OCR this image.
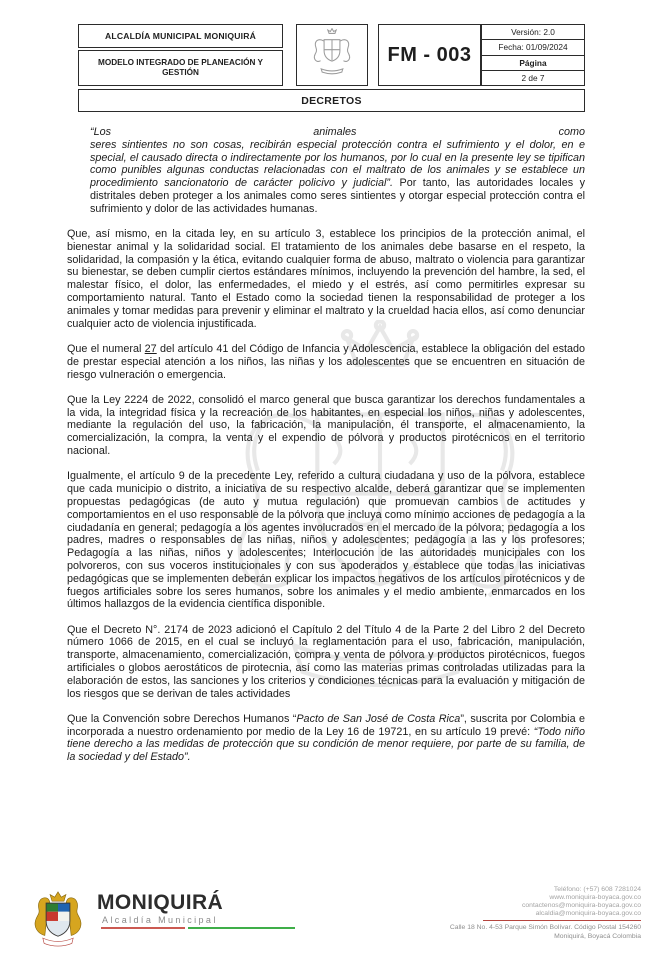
ALCALDÍA MUNICIPAL MONIQUIRÁ
MODELO INTEGRADO DE PLANEACIÓN Y GESTIÓN
FM - 003
Versión: 2.0
Fecha: 01/09/2024
Página
2 de 7
DECRETOS
“Los	animales	como
seres sintientes no son cosas, recibirán especial protección contra el sufrimiento y el dolor, en e special, el causado directa o indirectamente por los humanos, por lo cual en la presente ley se tipifican como punibles algunas conductas relacionadas con el maltrato de los animales y se establece un procedimiento sancionatorio de carácter policivo y judicial”. Por tanto, las autoridades locales y distritales deben proteger a los animales como seres sintientes y otorgar especial protección contra el sufrimiento y dolor de las actividades humanas.
Que, así mismo, en la citada ley, en su artículo 3, establece los principios de la protección animal, el bienestar animal y la solidaridad social. El tratamiento de los animales debe basarse en el respeto, la solidaridad, la compasión y la ética, evitando cualquier forma de abuso, maltrato o violencia para garantizar su bienestar, se deben cumplir ciertos estándares mínimos, incluyendo la prevención del hambre, la sed, el malestar físico, el dolor, las enfermedades, el miedo y el estrés, así como permitirles expresar su comportamiento natural. Tanto el Estado como la sociedad tienen la responsabilidad de proteger a los animales y tomar medidas para prevenir y eliminar el maltrato y la crueldad hacia ellos, así como denunciar cualquier acto de violencia injustificada.
Que el numeral 27 del artículo 41 del Código de Infancia y Adolescencia, establece la obligación del estado de prestar especial atención a los niños, las niñas y los adolescentes que se encuentren en situación de riesgo vulneración o emergencia.
Que la Ley 2224 de 2022, consolidó el marco general que busca garantizar los derechos fundamentales a la vida, la integridad física y la recreación de los habitantes, en especial los niños, niñas y adolescentes, mediante la regulación del uso, la fabricación, la manipulación, él transporte, el almacenamiento, la comercialización, la compra, la venta y el expendio de pólvora y productos pirotécnicos en el territorio nacional.
Igualmente, el artículo 9 de la precedente Ley, referido a cultura ciudadana y uso de la pólvora, establece que cada municipio o distrito, a iniciativa de su respectivo alcalde, deberá garantizar que se implementen propuestas pedagógicas (de auto y mutua regulación) que promuevan cambios de actitudes y comportamientos en el uso responsable de la pólvora que incluya como mínimo acciones de pedagogía a la ciudadanía en general; pedagogía a los agentes involucrados en el mercado de la pólvora; pedagogía a los padres, madres o responsables de las niñas, niños y adolescentes; pedagogía a las y los profesores; Pedagogía a las niñas, niños y adolescentes; Interlocución de las autoridades municipales con los polvoreros, con sus voceros institucionales y con sus apoderados y establece que todas las iniciativas pedagógicas que se implementen deberán explicar los impactos negativos de los artículos pirotécnicos y de fuegos artificiales sobre los seres humanos, sobre los animales y el medio ambiente, enmarcados en los últimos hallazgos de la evidencia científica disponible.
Que el Decreto N°. 2174 de 2023 adicionó el Capítulo 2 del Título 4 de la Parte 2 del Libro 2 del Decreto número 1066 de 2015, en el cual se incluyó la reglamentación para el uso, fabricación, manipulación, transporte, almacenamiento, comercialización, compra y venta de pólvora y productos pirotécnicos, fuegos artificiales o globos aerostáticos de pirotecnia, así como las materias primas controladas utilizadas para la elaboración de estos, las sanciones y los criterios y condiciones técnicas para la evaluación y mitigación de los riesgos que se derivan de tales actividades
Que la Convención sobre Derechos Humanos “Pacto de San José de Costa Rica”, suscrita por Colombia e incorporada a nuestro ordenamiento por medio de la Ley 16 de 19721, en su artículo 19 prevé: “Todo niño tiene derecho a las medidas de protección que su condición de menor requiere, por parte de su familia, de la sociedad y del Estado”.
MONIQUIRÁ
Alcaldía Municipal
Teléfono: (+57) 608 7281024
www.moniquira-boyaca.gov.co
contactenos@moniquira-boyaca.gov.co
alcaldia@moniquira-boyaca.gov.co
Calle 18 No. 4-53 Parque Simón Bolívar. Código Postal 154260
Moniquirá, Boyacá Colombia
